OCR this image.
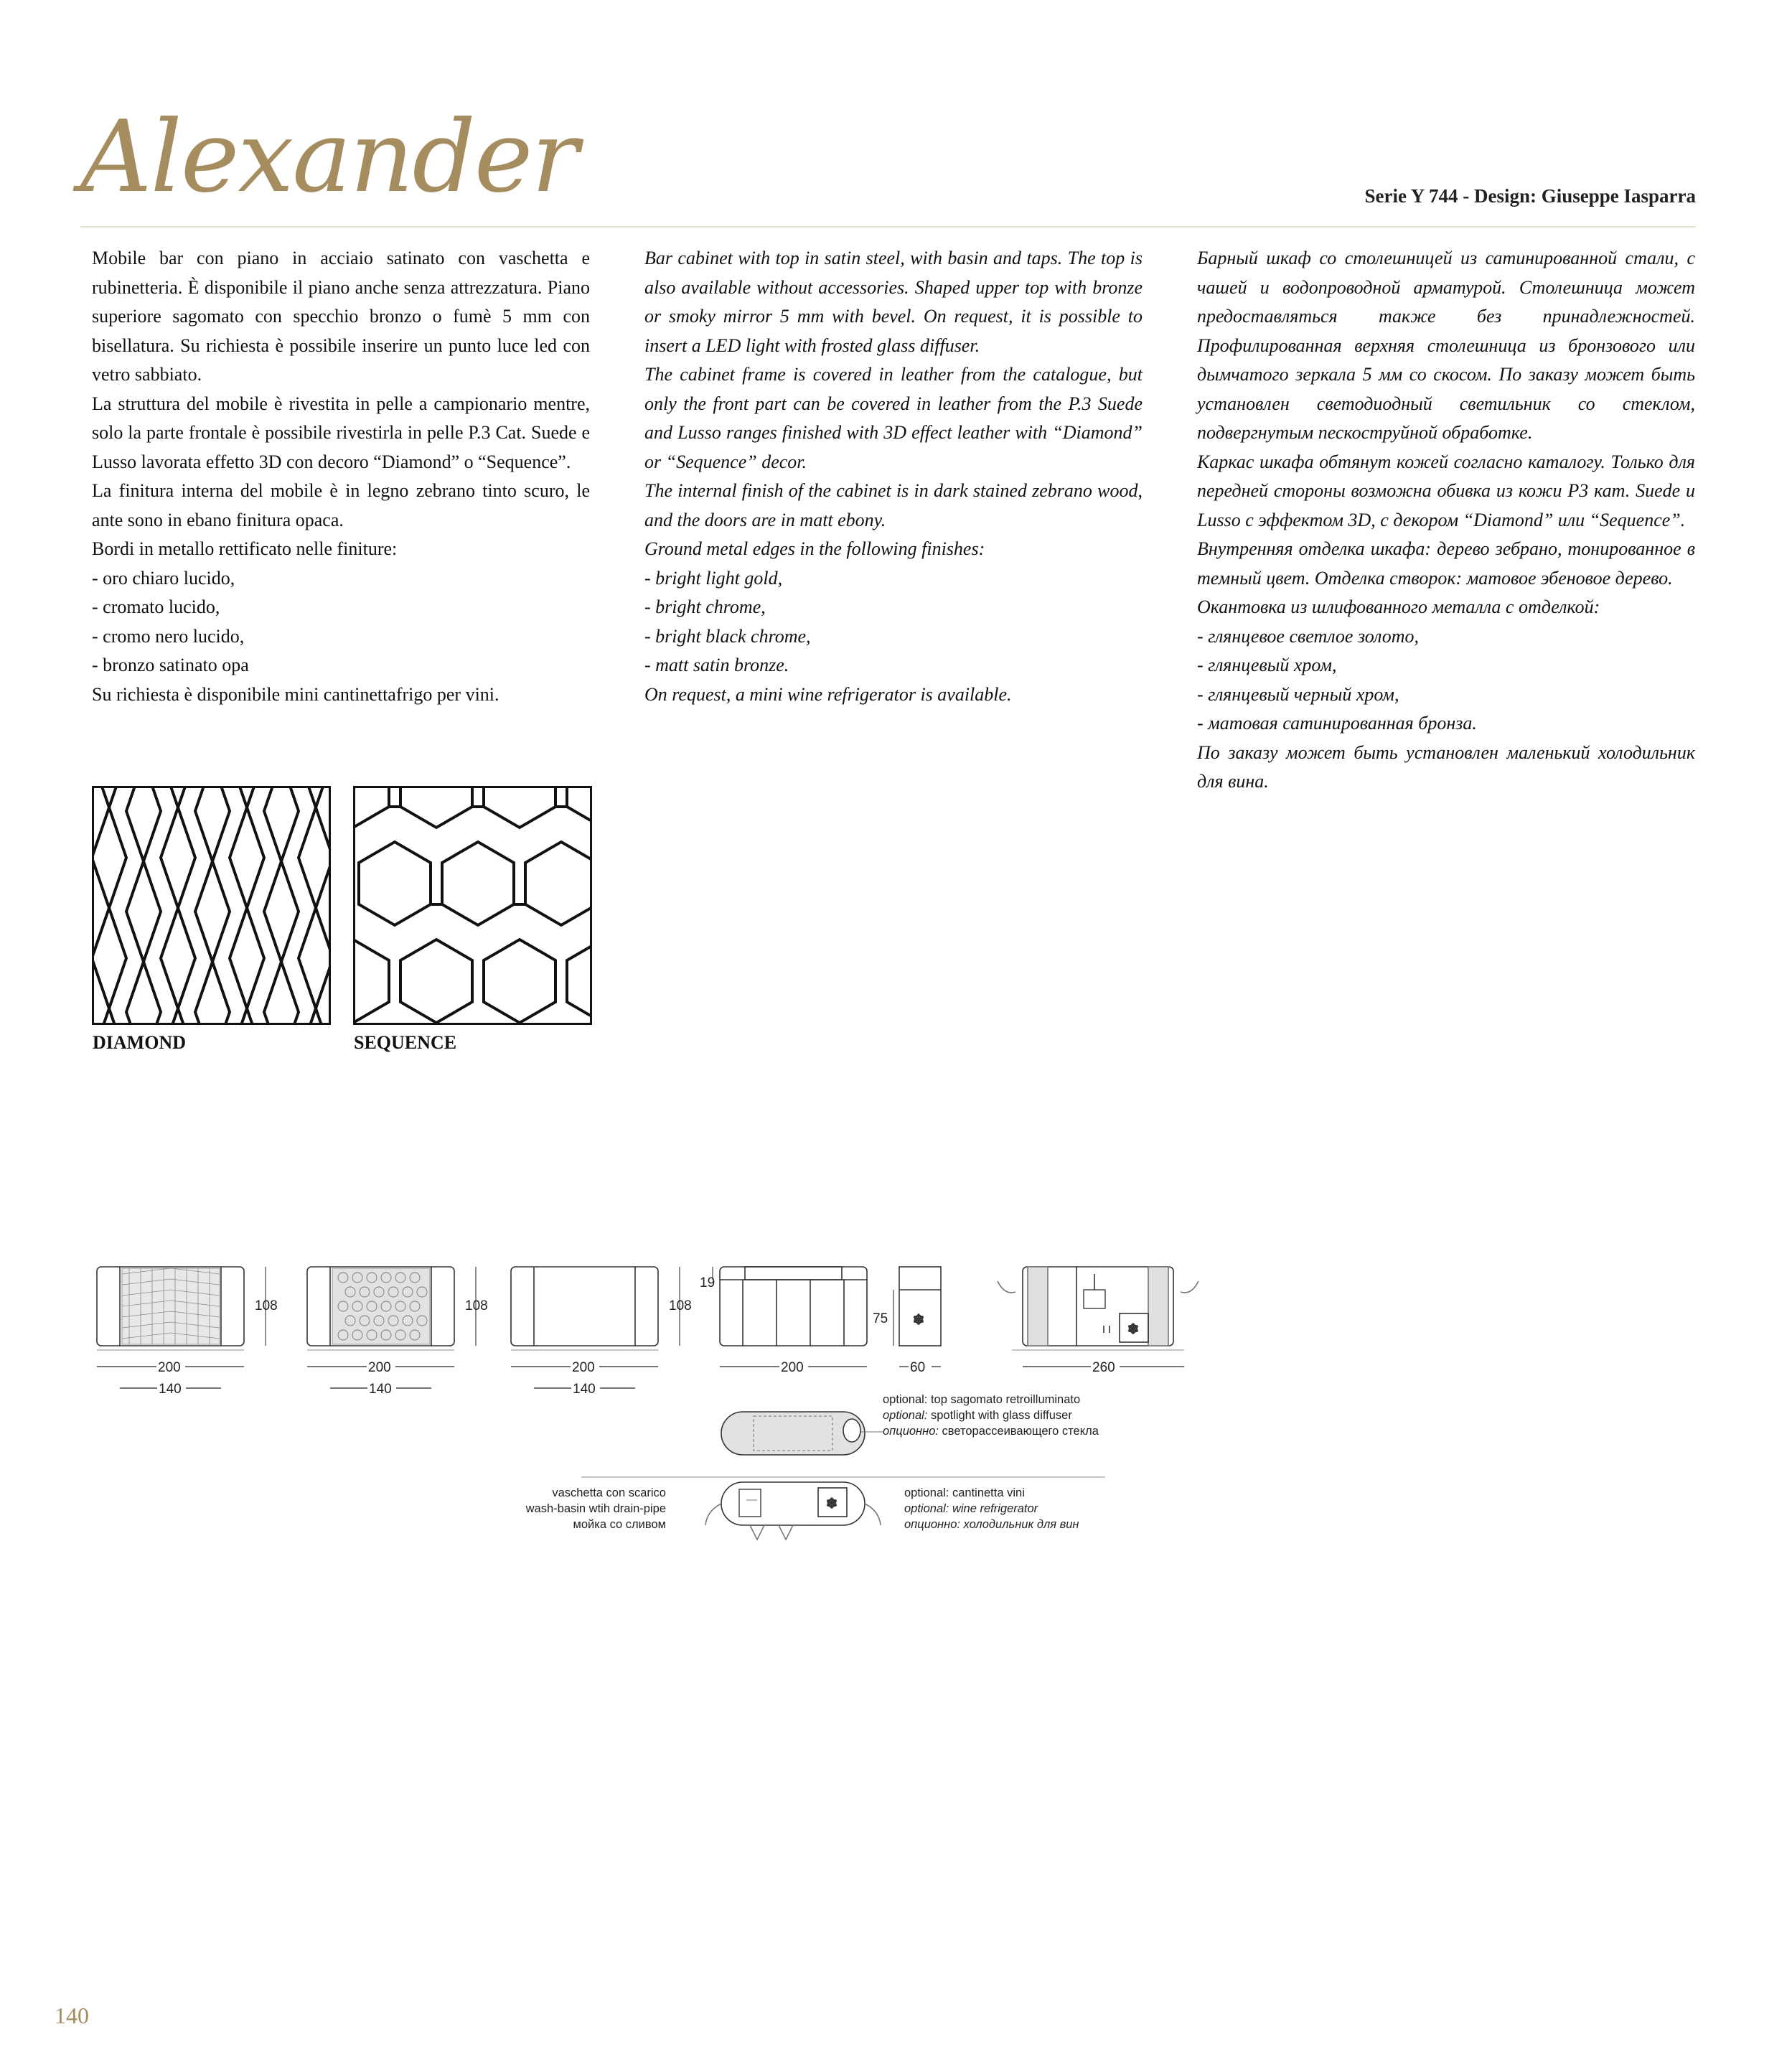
Alexander	Serie Y 744 - Design: Giuseppe Iasparra

Mobile bar con piano in acciaio satinato con vaschetta e rubinetteria. È disponibile il piano anche senza attrezzatura. Piano superiore sagomato con specchio bronzo o fumè 5 mm con bisellatura. Su richiesta è possibile inserire un punto luce led con vetro sabbiato.

La struttura del mobile è rivestita in pelle a campionario mentre, solo la parte frontale è possibile rivestirla in pelle P.3 Cat. Suede e Lusso lavorata effetto 3D con decoro “Diamond” o “Sequence”.

La finitura interna del mobile è in legno zebrano tinto scuro, le ante sono in ebano finitura opaca.

Bordi in metallo rettificato nelle finiture:

- oro chiaro lucido,

- cromato lucido,

- cromo nero lucido,

- bronzo satinato opa

Su richiesta è disponibile mini cantinettafrigo per vini.

Bar cabinet with top in satin steel, with basin and taps. The top is also available without accessories. Shaped upper top with bronze or smoky mirror 5 mm with bevel. On request, it is possible to insert a LED light with frosted glass diffuser.

The cabinet frame is covered in leather from the catalogue, but only the front part can be covered in leather from the P.3 Suede and Lusso ranges finished with 3D effect leather with “Diamond” or “Sequence” decor.

The internal finish of the cabinet is in dark stained zebrano wood, and the doors are in matt ebony.

Ground metal edges in the following finishes:

- bright light gold,

- bright chrome,

- bright black chrome,

- matt satin bronze.

On request, a mini wine refrigerator is available.

Барный шкаф со столешницей из сатинированной стали, с чашей и водопроводной арматурой. Столешница может предоставляться также без принадлежностей. Профилированная верхняя столешница из бронзового или дымчатого зеркала 5 мм со скосом. По заказу может быть установлен светодиодный светильник со стеклом, подвергнутым пескоструйной обработке.

Каркас шкафа обтянут кожей согласно каталогу. Только для передней стороны возможна обивка из кожи P3 кат. Suede и Lusso с эффектом 3D, с декором “Diamond” или “Sequence”.

Внутренняя отделка шкафа: дерево зебрано, тонированное в темный цвет. Отделка створок: матовое эбеновое дерево.

Окантовка из шлифованного металла с отделкой:

- глянцевое светлое золото,

- глянцевый хром,

- глянцевый черный хром,

- матовая сатинированная бронза.

По заказу может быть установлен маленький холодильник для вина.

DIAMOND	SEQUENCE
108
200
140
108
200
140
108
200
140
19
200
❄
75
60
❄
260
optional: top sagomato retroilluminato
optional: spotlight with glass diffuser
опционно: светорассеивающего стекла
❄
vaschetta con scarico
wash-basin wtih drain-pipe
мойка со сливом
optional: cantinetta vini
optional: wine refrigerator
опционно: холодильник для вин
140
